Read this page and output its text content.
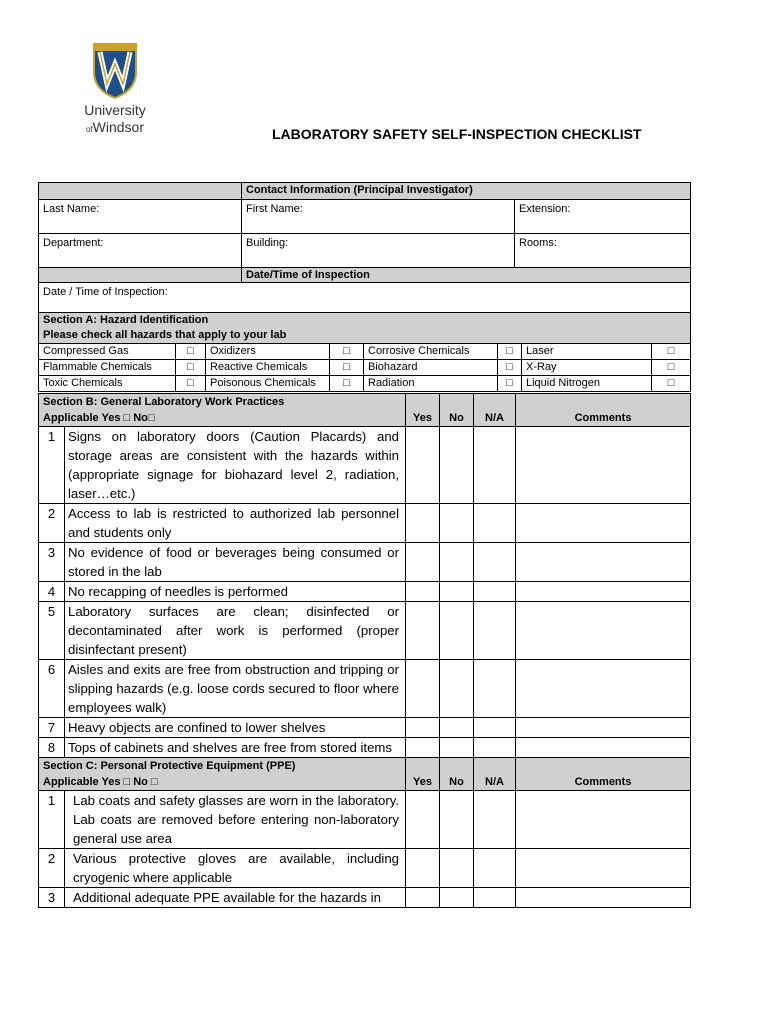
University
ofWindsor	LABORATORY SAFETY SELF-INSPECTION CHECKLIST
	Contact Information (Principal Investigator)	
Last Name:	First Name:	Extension:
Department:	Building:	Rooms:
	Date/Time of Inspection	
Date / Time of Inspection:		
Section A: Hazard Identification
Please check all hazards that apply to your lab							

Compressed Gas	□	Oxidizers	□	Corrosive Chemicals	□	Laser	□
Flammable Chemicals	□	Reactive Chemicals	□	Biohazard	□	X-Ray	□
Toxic Chemicals	□	Poisonous Chemicals	□	Radiation	□	Liquid Nitrogen	□
Section B: General Laboratory Work Practices
Applicable Yes □ No□		Yes	No	N/A	Comments
1	Signs on laboratory doors (Caution Placards) and storage areas are consistent with the hazards within (appropriate signage for biohazard level 2, radiation, laser…etc.)				
2	Access to lab is restricted to authorized lab personnel and students only				
3	No evidence of food or beverages being consumed or stored in the lab				
4	No recapping of needles is performed				
5	Laboratory surfaces are clean; disinfected or decontaminated after work is performed (proper disinfectant present)				
6	Aisles and exits are free from obstruction and tripping or slipping hazards (e.g. loose cords secured to floor where employees walk)				
7	Heavy objects are confined to lower shelves				
8	Tops of cabinets and shelves are free from stored items				

Section C: Personal Protective Equipment (PPE)
Applicable Yes □ No □		Yes	No	N/A	Comments
1	Lab coats and safety glasses are worn in the laboratory. Lab coats are removed before entering non-laboratory general use area				
2	Various protective gloves are available, including cryogenic where applicable				
3	Additional adequate PPE available for the hazards in				
